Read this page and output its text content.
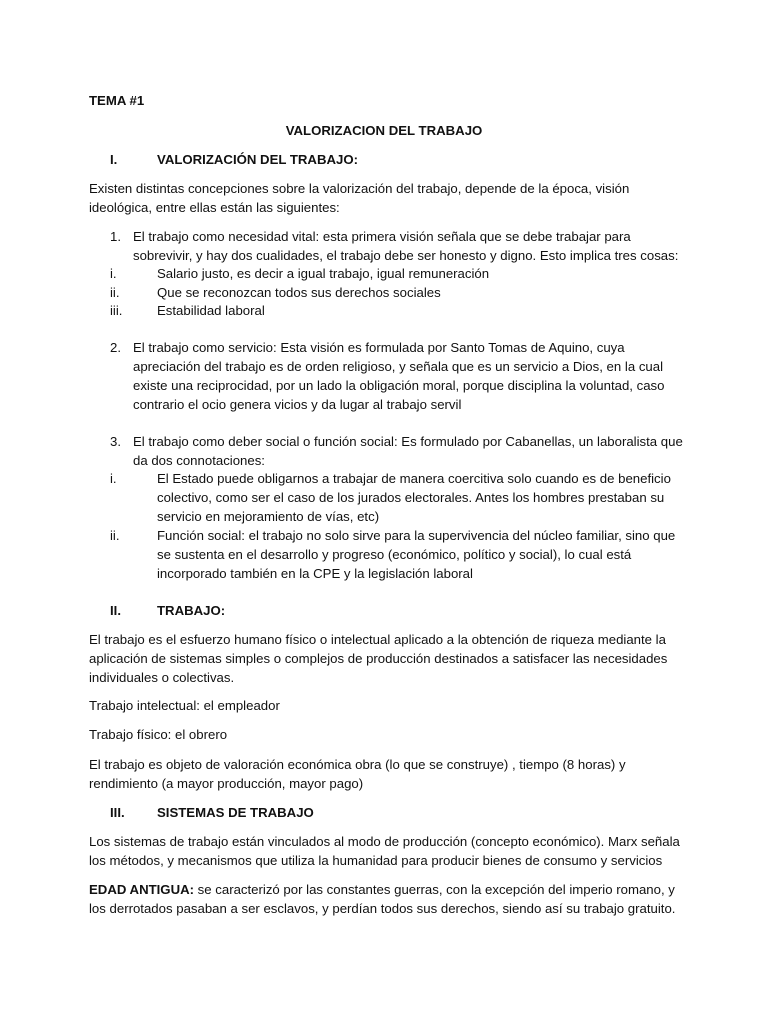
TEMA #1
VALORIZACION DEL TRABAJO
I.	VALORIZACIÓN DEL TRABAJO:
Existen distintas concepciones sobre la valorización del trabajo, depende de la época, visión ideológica, entre ellas están las siguientes:
1. El trabajo como necesidad vital: esta primera visión señala que se debe trabajar para sobrevivir, y hay dos cualidades, el trabajo debe ser honesto y digno. Esto implica tres cosas:
i.	Salario justo, es decir a igual trabajo, igual remuneración
ii.	Que se reconozcan todos sus derechos sociales
iii.	Estabilidad laboral
2. El trabajo como servicio: Esta visión es formulada por Santo Tomas de Aquino, cuya apreciación del trabajo es de orden religioso, y señala que es un servicio a Dios, en la cual existe una reciprocidad, por un lado la obligación moral, porque disciplina la voluntad, caso contrario el ocio genera vicios y da lugar al trabajo servil
3. El trabajo como deber social o función social: Es formulado por Cabanellas, un laboralista que da dos connotaciones:
i.	El Estado puede obligarnos a trabajar de manera coercitiva solo cuando es de beneficio colectivo, como ser el caso de los jurados electorales. Antes los hombres prestaban su servicio en mejoramiento de vías, etc)
ii.	Función social: el trabajo no solo sirve para la supervivencia del núcleo familiar, sino que se sustenta en el desarrollo y progreso (económico, político y social), lo cual está incorporado también en la CPE y la legislación laboral
II.	TRABAJO:
El trabajo es el esfuerzo humano físico o intelectual aplicado a la obtención de riqueza mediante la aplicación de sistemas simples o complejos de producción destinados a satisfacer las necesidades individuales o colectivas.
Trabajo intelectual: el empleador
Trabajo físico: el obrero
El trabajo es objeto de valoración económica obra (lo que se construye) , tiempo (8 horas) y rendimiento (a mayor producción, mayor pago)
III. SISTEMAS DE TRABAJO
Los sistemas de trabajo están vinculados al modo de producción (concepto económico). Marx señala los métodos, y mecanismos que utiliza la humanidad para producir bienes de consumo y servicios
EDAD ANTIGUA: se caracterizó por las constantes guerras, con la excepción del imperio romano, y los derrotados pasaban a ser esclavos, y perdían todos sus derechos, siendo así su trabajo gratuito.
